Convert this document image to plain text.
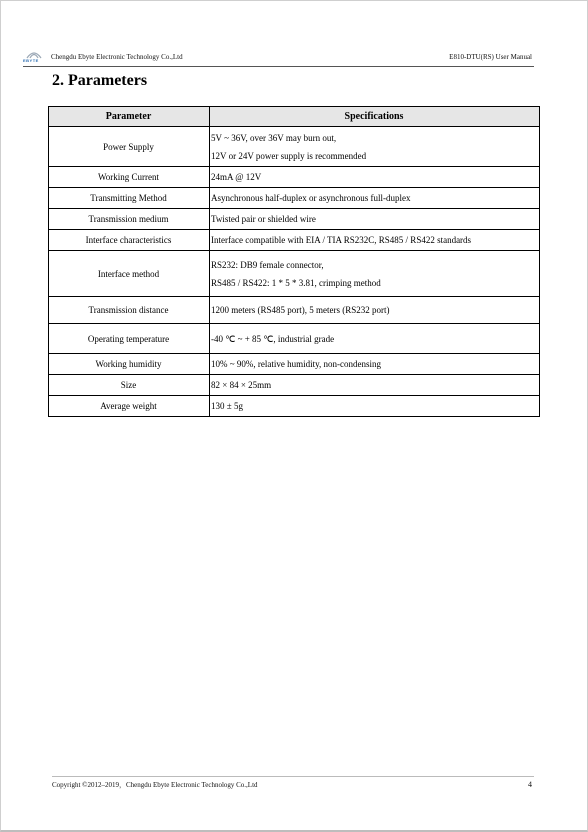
EBYTE	Chengdu Ebyte Electronic Technology Co.,Ltd	E810-DTU(RS) User Manual
2. Parameters
Parameter	Specifications
Power Supply	5V ~ 36V, over 36V may burn out,
12V or 24V power supply is recommended

Working Current	24mA @ 12V

Transmitting Method	Asynchronous half-duplex or asynchronous full-duplex

Transmission medium	Twisted pair or shielded wire

Interface characteristics	Interface compatible with EIA / TIA RS232C, RS485 / RS422 standards

Interface method	RS232: DB9 female connector,
RS485 / RS422: 1 * 5 * 3.81, crimping method

Transmission distance	1200 meters (RS485 port), 5 meters (RS232 port)

Operating temperature	-40 ℃ ~ + 85 ℃, industrial grade

Working humidity	10% ~ 90%, relative humidity, non-condensing

Size	82 × 84 × 25mm

Average weight	130 ± 5g
Copyright ©2012–2019，Chengdu Ebyte Electronic Technology Co.,Ltd	4
